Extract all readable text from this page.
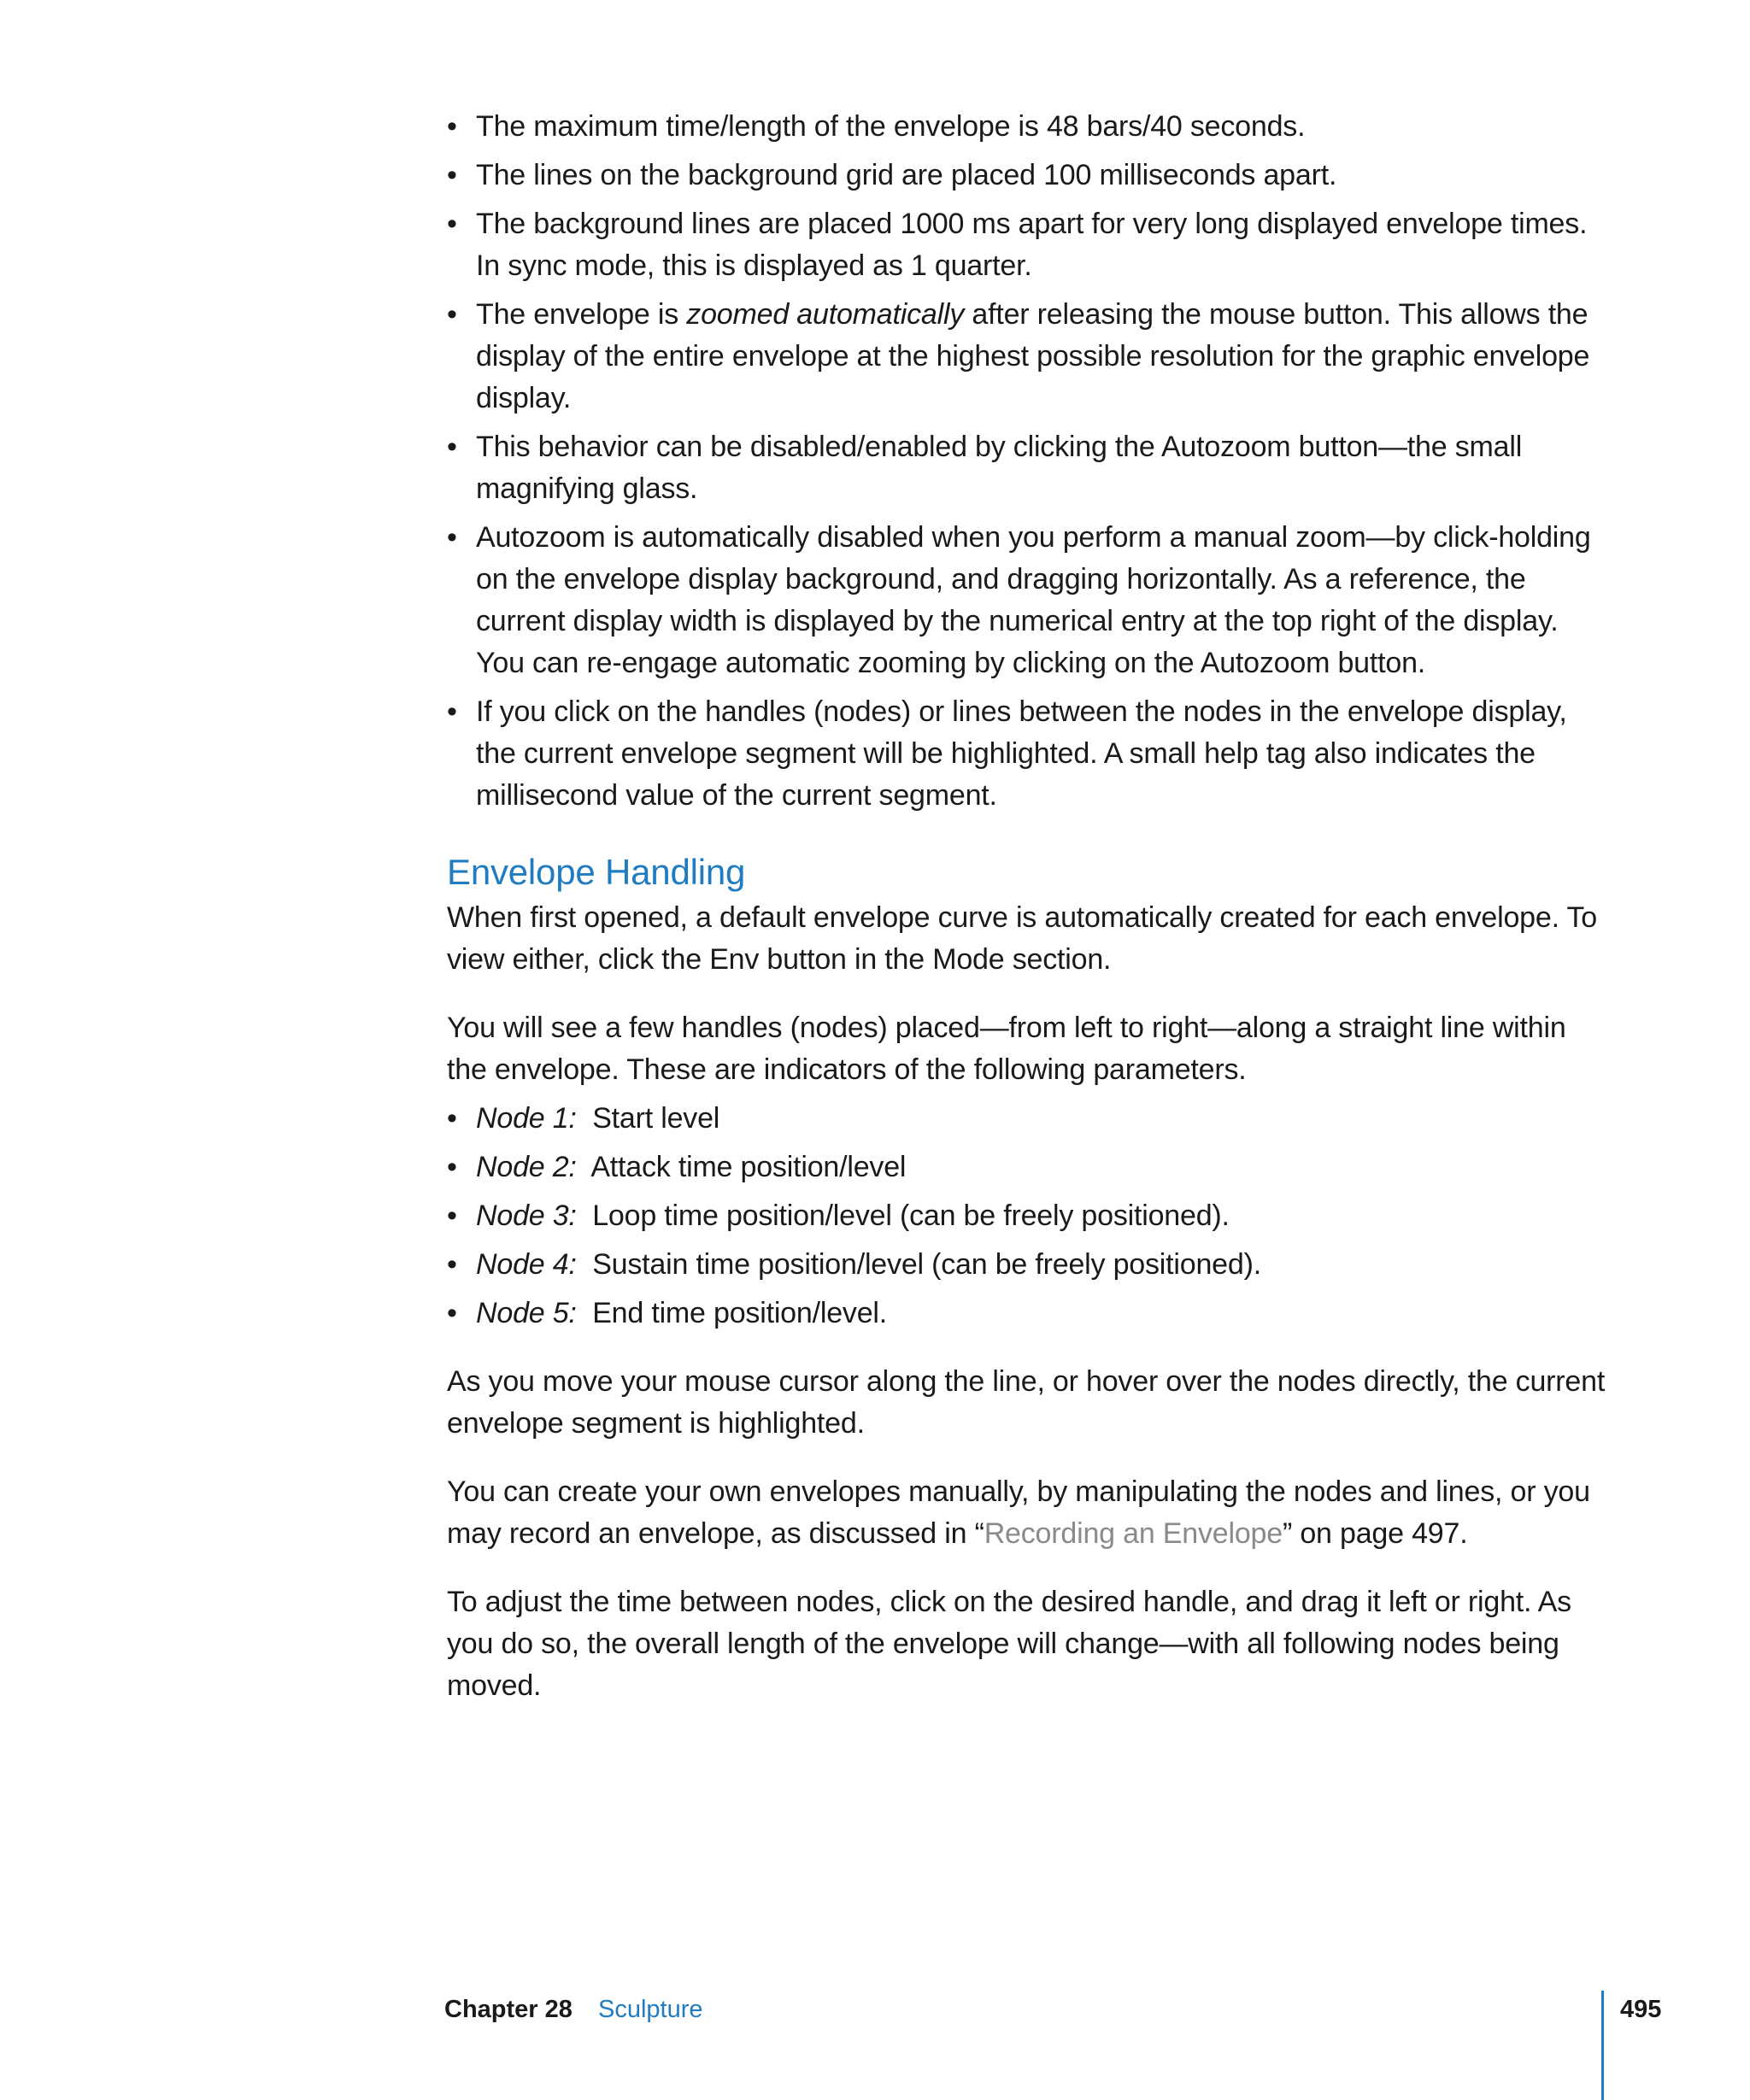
• The maximum time/length of the envelope is 48 bars/40 seconds.
• The lines on the background grid are placed 100 milliseconds apart.
• The background lines are placed 1000 ms apart for very long displayed envelope times. In sync mode, this is displayed as 1 quarter.
• The envelope is zoomed automatically after releasing the mouse button. This allows the display of the entire envelope at the highest possible resolution for the graphic envelope display.
• This behavior can be disabled/enabled by clicking the Autozoom button—the small magnifying glass.
• Autozoom is automatically disabled when you perform a manual zoom—by click-holding on the envelope display background, and dragging horizontally. As a reference, the current display width is displayed by the numerical entry at the top right of the display. You can re-engage automatic zooming by clicking on the Autozoom button.
• If you click on the handles (nodes) or lines between the nodes in the envelope display, the current envelope segment will be highlighted. A small help tag also indicates the millisecond value of the current segment.
Envelope Handling

When first opened, a default envelope curve is automatically created for each envelope. To view either, click the Env button in the Mode section.

You will see a few handles (nodes) placed—from left to right—along a straight line within the envelope. These are indicators of the following parameters.

• Node 1: Start level
• Node 2: Attack time position/level
• Node 3: Loop time position/level (can be freely positioned).
• Node 4: Sustain time position/level (can be freely positioned).
• Node 5: End time position/level.

As you move your mouse cursor along the line, or hover over the nodes directly, the current envelope segment is highlighted.

You can create your own envelopes manually, by manipulating the nodes and lines, or you may record an envelope, as discussed in “Recording an Envelope” on page 497.

To adjust the time between nodes, click on the desired handle, and drag it left or right. As you do so, the overall length of the envelope will change—with all following nodes being moved.

Chapter 28 Sculpture	495
